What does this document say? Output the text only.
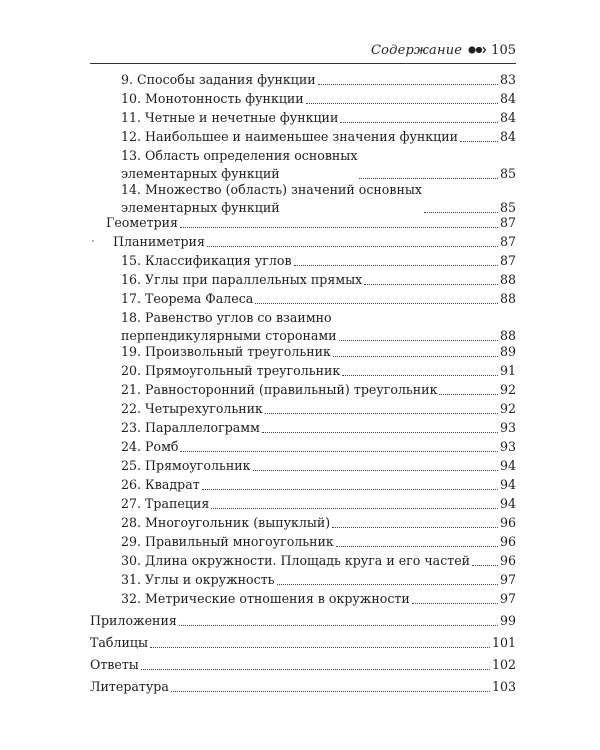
Содержание 105
9. Способы задания функции	83
10. Монотонность функции	84
11. Четные и нечетные функции	84
12. Наибольшее и наименьшее значения функции	84
13. Область определения основных
элементарных функций	85
14. Множество (область) значений основных
элементарных функций	85
Геометрия	87
Планиметрия	87
15. Классификация углов	87
16. Углы при параллельных прямых	88
17. Теорема Фалеса	88
18. Равенство углов со взаимно
перпендикулярными сторонами	88
19. Произвольный треугольник	89
20. Прямоугольный треугольник	91
21. Равносторонний (правильный) треугольник	92
22. Четырехугольник	92
23. Параллелограмм	93
24. Ромб	93
25. Прямоугольник	94
26. Квадрат	94
27. Трапеция	94
28. Многоугольник (выпуклый)	96
29. Правильный многоугольник	96
30. Длина окружности. Площадь круга и его частей 96
31. Углы и окружность	97
32. Метрические отношения в окружности	97
Приложения	99
Таблицы	101
Ответы	102
Литература	103
